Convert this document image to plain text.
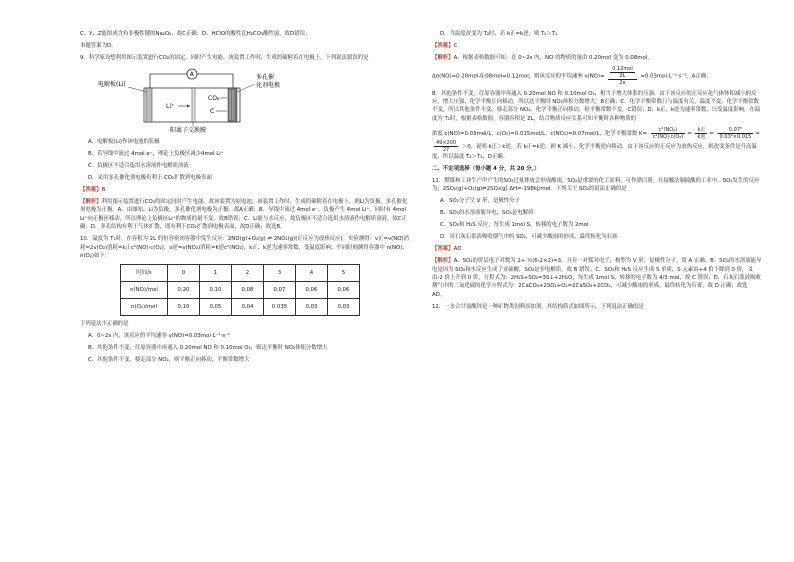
C．Y、Z能组成含有非极性键的Na₂O₂，故C正确；D．HClO的酸性比H₂CO₃酸性弱，故D错误；
本题答案为D。
9．科学家设想利用图示装置进行CO₂的固定，同时产生电能，该装置工作时，生成的碳附着在电极上。下列说法错误的是
A
Li⁺
CO₂
C
电解板(Li)
多孔催
化剂电极
阳离子交换膜
A．电解板(Li)作该电池的负极
B．若导线中流过 4mol e⁻，理论上负极区减少4mol Li⁺
C．负极区不适合选用水溶液作电解质溶液
D．采用多孔催化剂电极有利于 CO₂扩散到电极表面
【答案】B
【解析】利用图示装置进行CO₂的固定同时产生电能，故该装置为原电池，该装置工作时，生成的碳附着在电极上，则Li为负极，多孔催化剂电极为正极。A．由图知，Li为负极，多孔催化剂电极为正极，故A正确；B．导线中流过 4mol e⁻，负极产生 4mol Li⁺，同时有 4mol Li⁺向正极区移动，所以理论上负极区Li⁺的物质的量不变，故B错误；C．Li能与水反应，故负极区不适合选用水溶液作电解质溶液，故C正确；D．多孔结构有利于气体扩散，即有利于CO₂扩散到电极表面，故D正确；故选B。
10．温度为 T₁时，在容积为 2L 的恒容密闭容器中发生反应：2NO(g)+O₂(g) ⇌ 2NO₂(g)(正反应为放热反应)。实验测得：v正=v(NO)消耗=2v(O₂)消耗=k正c²(NO)·c(O₂)，v逆=v(NO₂)消耗=k逆c²(NO₂)，k正、k逆为速率常数，受温度影响。不同时刻测得容器中 n(NO)、n(O₂)如下：
时间/s	0	1	2	3	4	5
n(NO)/mol	0.20	0.10	0.08	0.07	0.06	0.06
n(O₂)/mol	0.10	0.05	0.04	0.035	0.03	0.03
下列说法不正确的是
A．0~2s 内，该反应的平均速率 v(NO)=0.03mol·L⁻¹·s⁻¹
B．其他条件不变，往原容器中再通入 0.20mol NO 和 0.10mol O₂，则达平衡时 NO₂体积分数增大
C．其他条件不变，移走部分 NO₂，则平衡正向移动，平衡常数增大
D．当温度改变为 T₂时，若 k正=k逆，则 T₂＞T₁
【答案】C
【解析】A．根据表格数据可知：在 0~2s 内，NO 的物质的量由 0.20mol 变为 0.08mol，
Δn(NO)=0.20mol-0.08mol=0.12mol，则该反应的平均速率 $v(NO)= \frac{\frac{\text{0.12mol}}{2L}}{2s} =0.03mol\cdot L^{-1}\cdot s^{-1}$，A正确；
B．其他条件不变，往原容器中再通入 0.20mol NO 和 0.10mol O₂，相当于增大体系的压强，由于该反应的正反应是气体体积减小的反应，增大压强，化学平衡正向移动，所以达平衡时 NO₂体积分数增大，B正确；C．化学平衡常数只与温度有关，温度不变，化学平衡常数不变，所以其他条件不变，移走部分 NO₂，化学平衡正向移动，但平衡常数不变，C错误；D．k正、k逆为速率常数，只受温度影响，在温度为 T₁时，根据表格数据，容器容积是 2L，结合物质反应关系可知平衡时各种物质的
浓度 c(NO)=0.03mol/L，c(O₂)=0.015mol/L，c(NO₂)=0.07mol/L，化学平衡常数 $K= \frac{\text{c²(NO₂)}}{\text{c²(NO)·c(O₂)}} = \frac{\text{k正}}{\text{k逆}} = \frac{\text{0.07²}}{\text{0.03²×0.015}}$ =
$\frac{49\times 200}{27} >0$，说明 k正＞k逆，若 k正=k逆，则 K 减小，化学平衡逆向移动，由于该反应的正反应为放热反应，则改变条件是升高温度，所以温度 T₂＞T₁，D正确。
二、不定项选择（每小题 4 分，共 20 分。）
11．燃煤和工业生产中产生的SO₂过量排放会形成酸雨，SO₂是重要的化工原料，可作漂白剂。在接触法制硫酸的工业中，SO₂发生的反应为：2SO₂(g)+O₂(g)⇌2SO₃(g) ΔH=-198kJ/mol。下列关于 SO₂的说法正确的是
A．SO₂分子呈 V 形，是极性分子
B．SO₂的水溶液能导电，SO₂是电解质
C．SO₂和 H₂S 反应，每生成 1mol S，转移的电子数为 2mol
D．用石灰石浆液吸收烟气中的 SO₂，可减少酸雨的形成，最终转化为石膏
【答案】AD
【解析】A．SO₂的价层电子对数为 2+ ½(6-2×2)=3，且有一对孤对电子，构型为 V 形，是极性分子，故 A 正确；B．SO₂的水溶液能导电是因为 SO₂和水反应生成了亚硫酸，SO₂是非电解质，故 B 错误；C．SO₂和 H₂S 反应生成 S 单质，S 元素由+4 价下降到 0 价，又由-2 价上升到 0 价，方程式为：2H₂S+SO₂=3S↓+2H₂O，每生成 1mol S，转移的电子数为 4/3 mol，故 C 错误；D．石灰石浆液吸收烟气中的二氧化硫的化学方程式为：2CaCO₃+2SO₂+O₂=2CaSO₄+2CO₂，可减少酸雨的形成，最终转化为石膏，故 D 正确；故选 AD。
12．一水合甘氨酸锌是一种矿物类饲料添加剂，其结构简式如图所示。下列说法正确的是
